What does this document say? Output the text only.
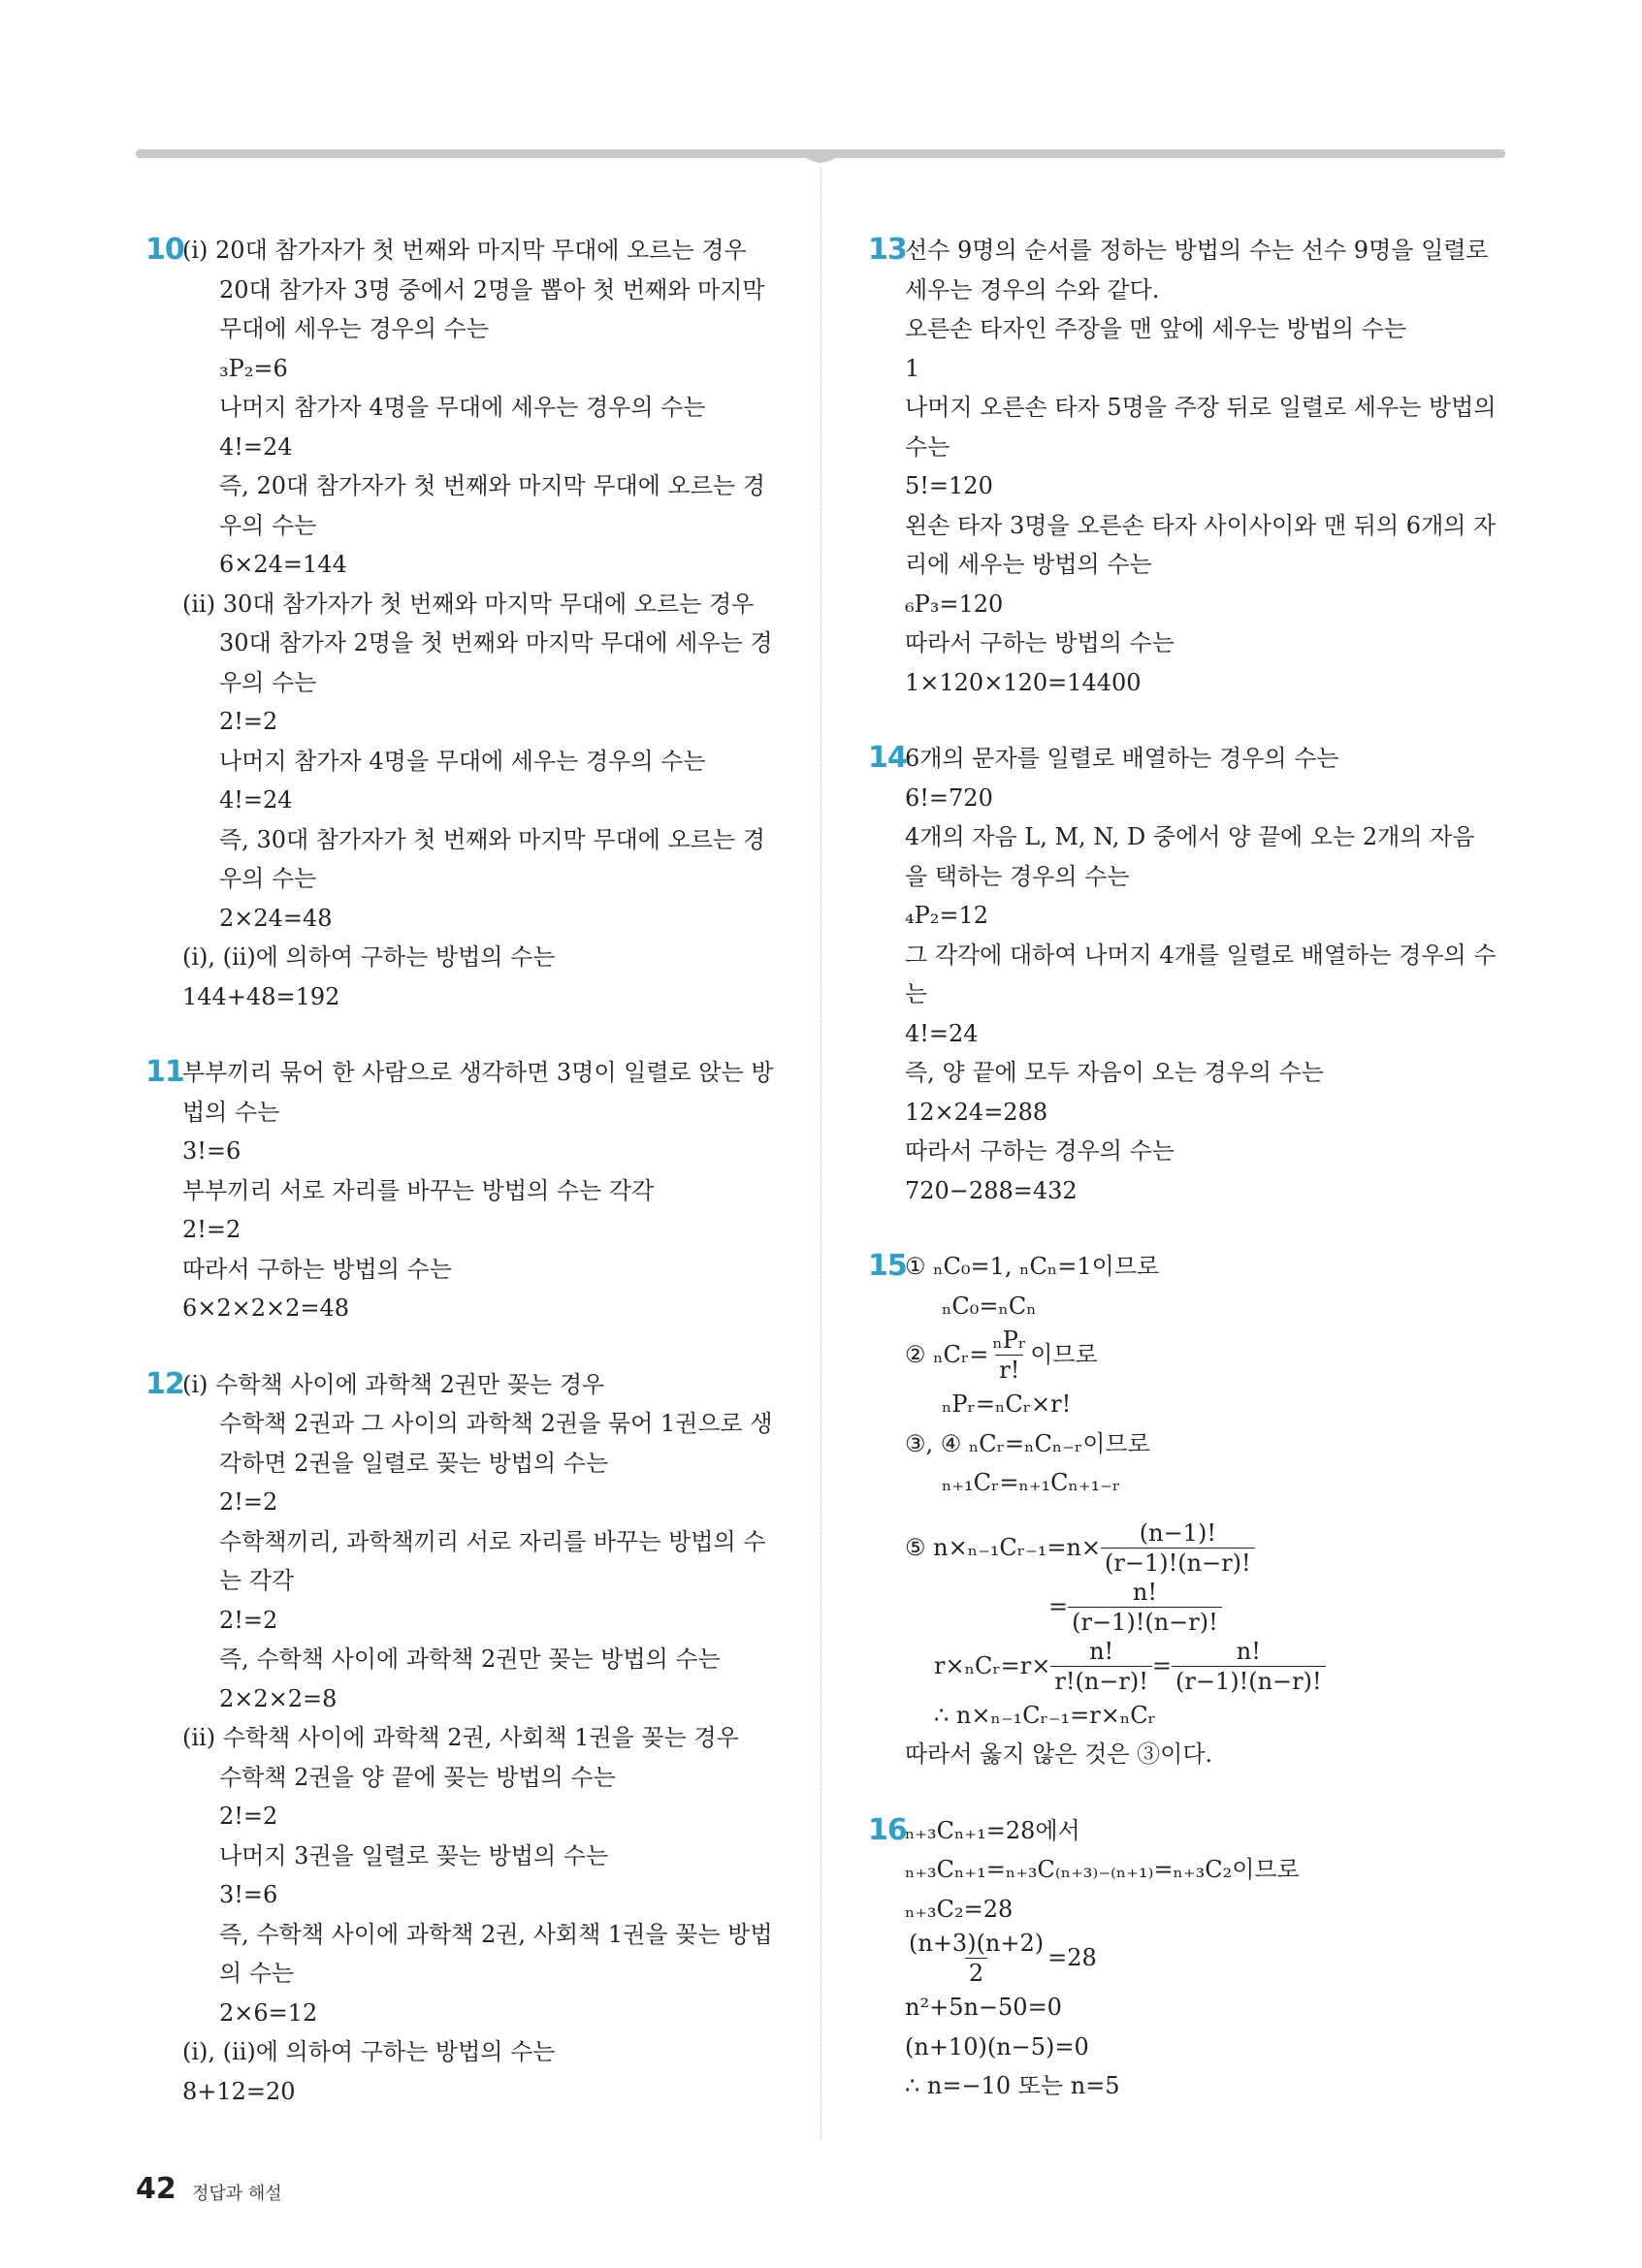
10
(ⅰ) 20대 참가자가 첫 번째와 마지막 무대에 오르는 경우
20대 참가자 3명 중에서 2명을 뽑아 첫 번째와 마지막
무대에 세우는 경우의 수는
₃P₂=6
나머지 참가자 4명을 무대에 세우는 경우의 수는
4!=24
즉, 20대 참가자가 첫 번째와 마지막 무대에 오르는 경
우의 수는
6×24=144
(ⅱ) 30대 참가자가 첫 번째와 마지막 무대에 오르는 경우
30대 참가자 2명을 첫 번째와 마지막 무대에 세우는 경
우의 수는
2!=2
나머지 참가자 4명을 무대에 세우는 경우의 수는
4!=24
즉, 30대 참가자가 첫 번째와 마지막 무대에 오르는 경
우의 수는
2×24=48
(ⅰ), (ⅱ)에 의하여 구하는 방법의 수는
144+48=192
11
부부끼리 묶어 한 사람으로 생각하면 3명이 일렬로 앉는 방
법의 수는
3!=6
부부끼리 서로 자리를 바꾸는 방법의 수는 각각
2!=2
따라서 구하는 방법의 수는
6×2×2×2=48
12
(ⅰ) 수학책 사이에 과학책 2권만 꽂는 경우
수학책 2권과 그 사이의 과학책 2권을 묶어 1권으로 생
각하면 2권을 일렬로 꽂는 방법의 수는
2!=2
수학책끼리, 과학책끼리 서로 자리를 바꾸는 방법의 수
는 각각
2!=2
즉, 수학책 사이에 과학책 2권만 꽂는 방법의 수는
2×2×2=8
(ⅱ) 수학책 사이에 과학책 2권, 사회책 1권을 꽂는 경우
수학책 2권을 양 끝에 꽂는 방법의 수는
2!=2
나머지 3권을 일렬로 꽂는 방법의 수는
3!=6
즉, 수학책 사이에 과학책 2권, 사회책 1권을 꽂는 방법
의 수는
2×6=12
(ⅰ), (ⅱ)에 의하여 구하는 방법의 수는
8+12=20
13
선수 9명의 순서를 정하는 방법의 수는 선수 9명을 일렬로
세우는 경우의 수와 같다.
오른손 타자인 주장을 맨 앞에 세우는 방법의 수는
1
나머지 오른손 타자 5명을 주장 뒤로 일렬로 세우는 방법의
수는
5!=120
왼손 타자 3명을 오른손 타자 사이사이와 맨 뒤의 6개의 자
리에 세우는 방법의 수는
₆P₃=120
따라서 구하는 방법의 수는
1×120×120=14400
14
6개의 문자를 일렬로 배열하는 경우의 수는
6!=720
4개의 자음 L, M, N, D 중에서 양 끝에 오는 2개의 자음
을 택하는 경우의 수는
₄P₂=12
그 각각에 대하여 나머지 4개를 일렬로 배열하는 경우의 수
는
4!=24
즉, 양 끝에 모두 자음이 오는 경우의 수는
12×24=288
따라서 구하는 경우의 수는
720−288=432
15
① ₙC₀=1, ₙCₙ=1이므로
ₙC₀=ₙCₙ
② ₙCᵣ= $\frac{\text{ₙPᵣ}}{r!}$ 이므로
ₙPᵣ=ₙCᵣ×r!
③, ④ ₙCᵣ=ₙCₙ₋ᵣ이므로
ₙ₊₁Cᵣ=ₙ₊₁Cₙ₊₁₋ᵣ
⑤ n×ₙ₋₁Cᵣ₋₁=n× $\frac{(n-1)!}{(r-1)!(n-r)!}$
= $\frac{n!}{(r-1)!(n-r)!}$
r×ₙCᵣ=r× $\frac{n!}{r!(n-r)!} = \frac{n!}{(r-1)!(n-r)!}$
∴ n×ₙ₋₁Cᵣ₋₁=r×ₙCᵣ
따라서 옳지 않은 것은 ③이다.
16
ₙ₊₃Cₙ₊₁=28에서
ₙ₊₃Cₙ₊₁=ₙ₊₃C₍ₙ₊₃₎₋₍ₙ₊₁₎=ₙ₊₃C₂이므로
ₙ₊₃C₂=28
$\frac{(n+3)(n+2)}{2} =28$
n²+5n−50=0
(n+10)(n−5)=0
∴ n=−10 또는 n=5
42 정답과 해설
